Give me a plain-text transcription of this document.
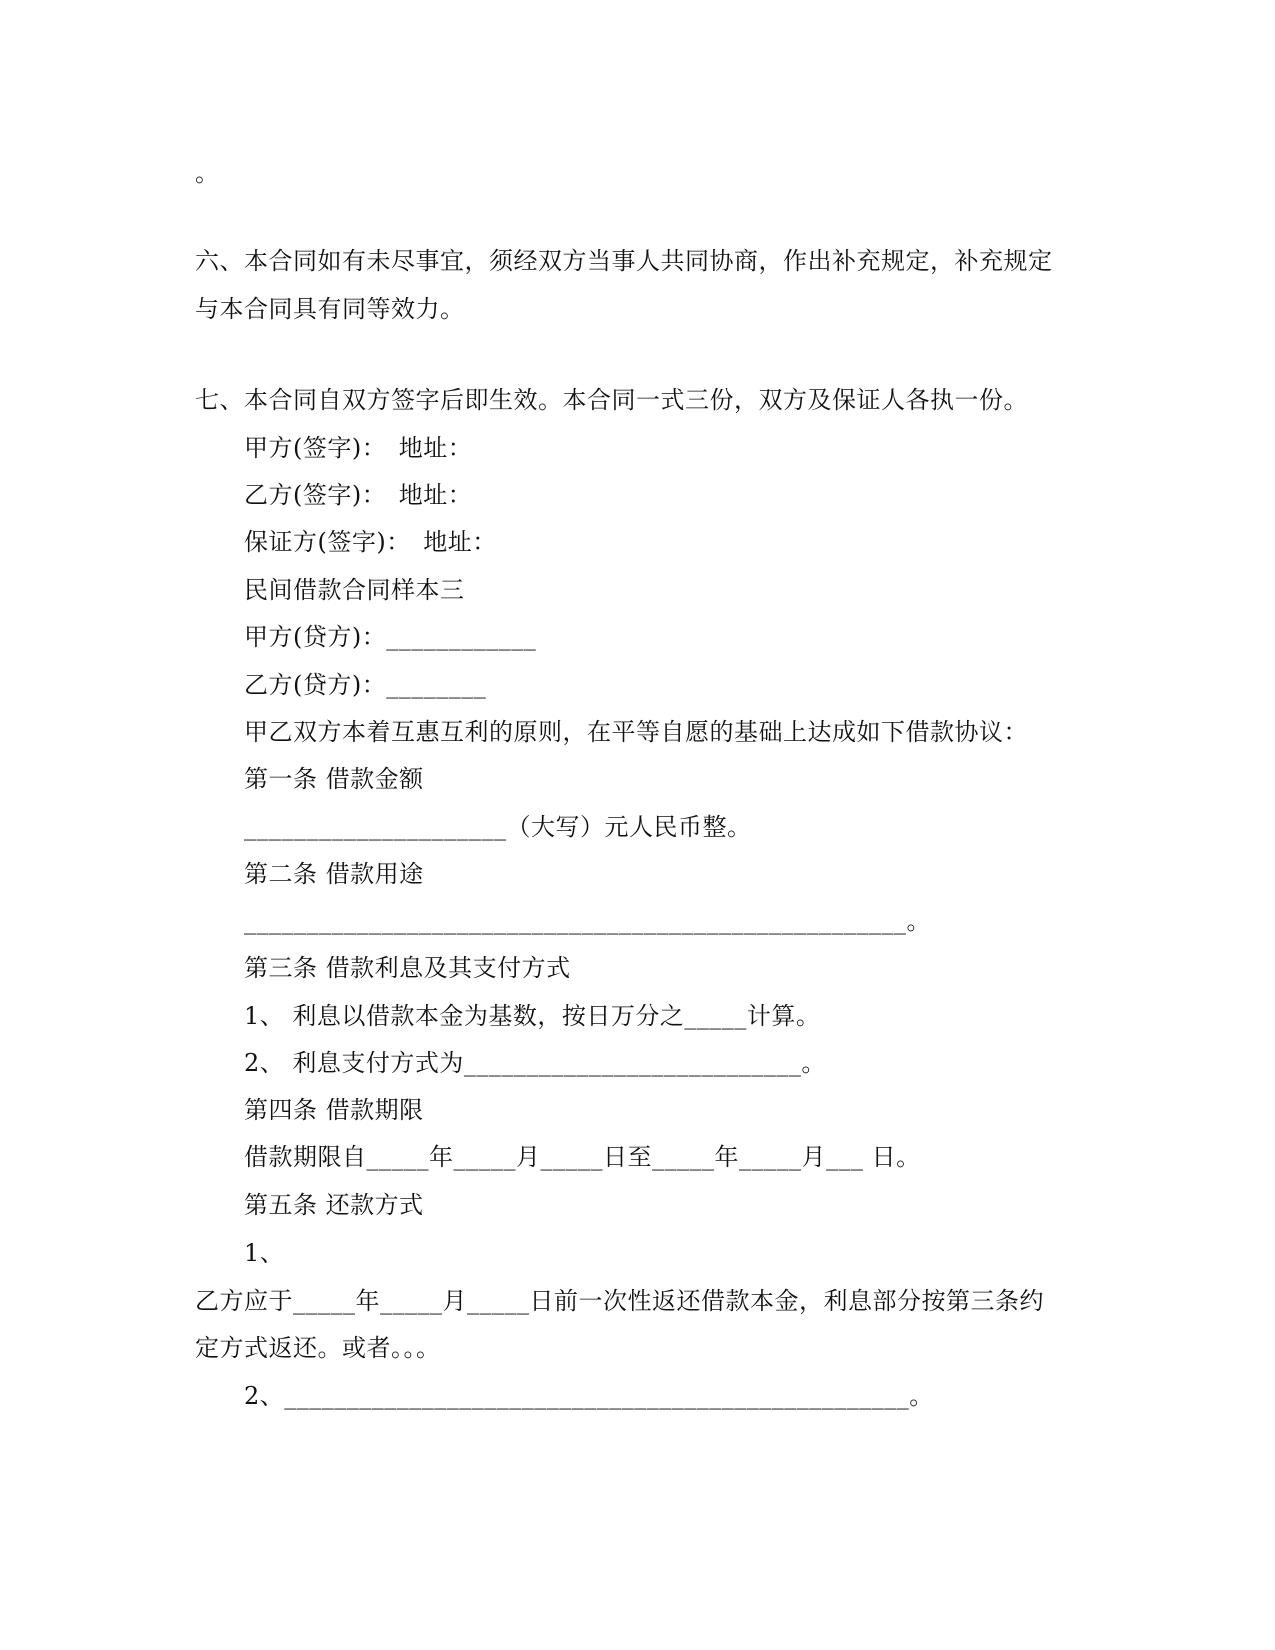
。
六、本合同如有未尽事宜，须经双方当事人共同协商，作出补充规定，补充规定
与本合同具有同等效力。
七、本合同自双方签字后即生效。本合同一式三份，双方及保证人各执一份。
甲方(签字)：　地址：
乙方(签字)：　地址：
保证方(签字)：　地址：
民间借款合同样本三
甲方(贷方)：____________
乙方(贷方)：________
甲乙双方本着互惠互利的原则，在平等自愿的基础上达成如下借款协议：
第一条 借款金额
_____________________（大写）元人民币整。
第二条 借款用途
_____________________________________________________。
第三条 借款利息及其支付方式
1、 利息以借款本金为基数，按日万分之_____计算。
2、 利息支付方式为___________________________。
第四条 借款期限
借款期限自_____年_____月_____日至_____年_____月___ 日。
第五条 还款方式
1、
乙方应于_____年_____月_____日前一次性返还借款本金，利息部分按第三条约
定方式返还。或者。。。
2、__________________________________________________。
